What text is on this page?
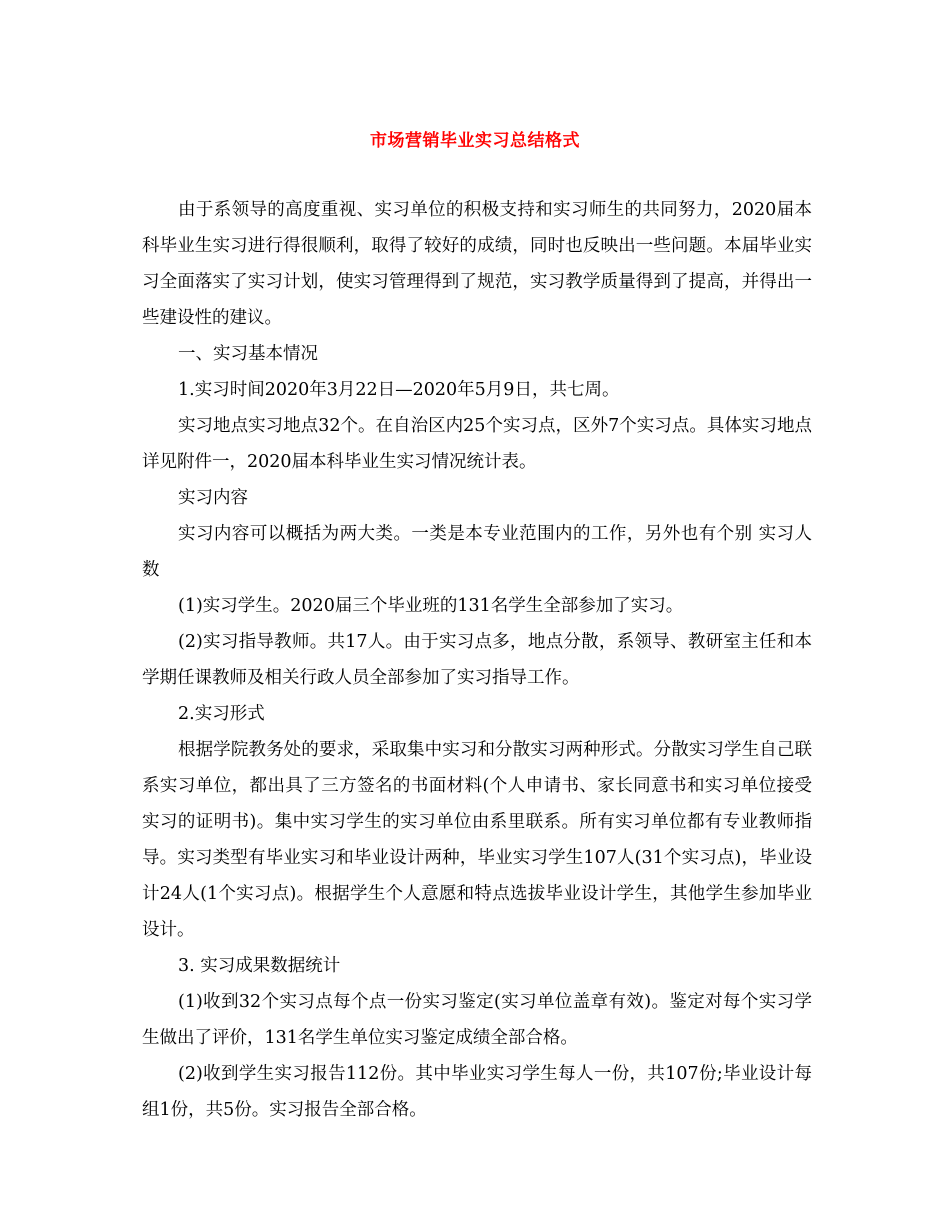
市场营销毕业实习总结格式

由于系领导的高度重视、实习单位的积极支持和实习师生的共同努力，2020届本科毕业生实习进行得很顺利，取得了较好的成绩，同时也反映出一些问题。本届毕业实习全面落实了实习计划，使实习管理得到了规范，实习教学质量得到了提高，并得出一些建设性的建议。

一、实习基本情况

1.实习时间2020年3月22日—2020年5月9日，共七周。

实习地点实习地点32个。在自治区内25个实习点，区外7个实习点。具体实习地点详见附件一，2020届本科毕业生实习情况统计表。

实习内容

实习内容可以概括为两大类。一类是本专业范围内的工作，另外也有个别 实习人数

(1)实习学生。2020届三个毕业班的131名学生全部参加了实习。

(2)实习指导教师。共17人。由于实习点多，地点分散，系领导、教研室主任和本学期任课教师及相关行政人员全部参加了实习指导工作。

2.实习形式

根据学院教务处的要求，采取集中实习和分散实习两种形式。分散实习学生自己联系实习单位，都出具了三方签名的书面材料(个人申请书、家长同意书和实习单位接受实习的证明书)。集中实习学生的实习单位由系里联系。所有实习单位都有专业教师指导。实习类型有毕业实习和毕业设计两种，毕业实习学生107人(31个实习点)，毕业设计24人(1个实习点)。根据学生个人意愿和特点选拔毕业设计学生，其他学生参加毕业设计。

3. 实习成果数据统计

(1)收到32个实习点每个点一份实习鉴定(实习单位盖章有效)。鉴定对每个实习学生做出了评价，131名学生单位实习鉴定成绩全部合格。

(2)收到学生实习报告112份。其中毕业实习学生每人一份，共107份;毕业设计每组1份，共5份。实习报告全部合格。
